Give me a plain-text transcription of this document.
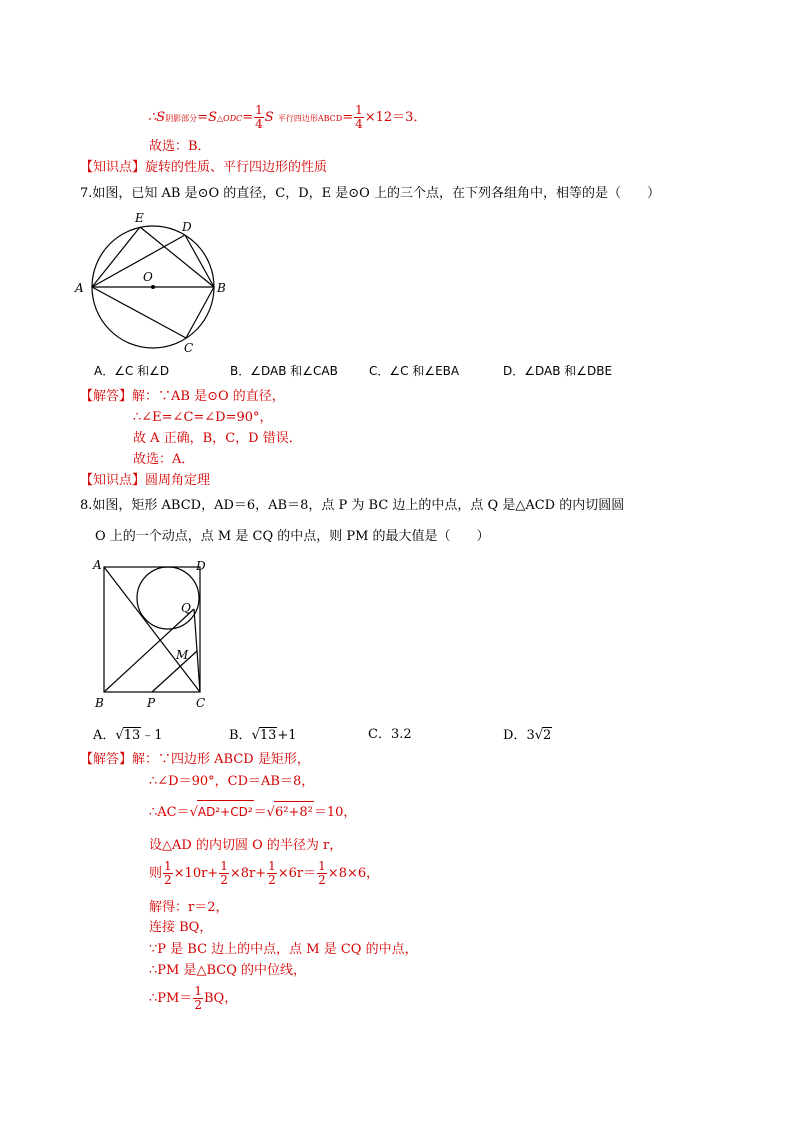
∴S阴影部分=S△ODC= $\frac{1}{4}$ S 平行四边形ABCD= $\frac{1}{4} \times 12=3$．
故选：B．
【知识点】旋转的性质、平行四边形的性质
7.如图，已知 AB 是⊙O 的直径，C，D，E 是⊙O 上的三个点，在下列各组角中，相等的是（　　）
A	B
C
D
E
O
A．∠C 和∠D	B．∠DAB 和∠CAB	C．∠C 和∠EBA	D．∠DAB 和∠DBE
【解答】解：∵AB 是⊙O 的直径，
∴∠E=∠C=∠D=90°，
故 A 正确，B，C，D 错误．
故选：A．
【知识点】圆周角定理
8.如图，矩形 ABCD，AD＝6，AB＝8，点 P 为 BC 边上的中点，点 Q 是△ACD 的内切圆圆
O 上的一个动点，点 M 是 CQ 的中点，则 PM 的最大值是（　　）
A	D
Q
M
B	P	C
A．√13﹣1	B．√13+1	C．3.2	D．3√2
【解答】解：∵四边形 ABCD 是矩形，
∴∠D＝90°，CD＝AB＝8，
∴AC＝√AD²+CD²＝√6²+8²＝10，
设△AD 的内切圆 O 的半径为 r，
则 $\frac{1}{2} \times 10r+ \frac{1}{2} \times 8r+ \frac{1}{2} \times 6r= \frac{1}{2} \times 8\times 6$，
解得：r＝2，
连接 BQ，
∵P 是 BC 边上的中点，点 M 是 CQ 的中点，
∴PM 是△BCQ 的中位线，
∴PM＝ $\frac{1}{2}$ BQ，
